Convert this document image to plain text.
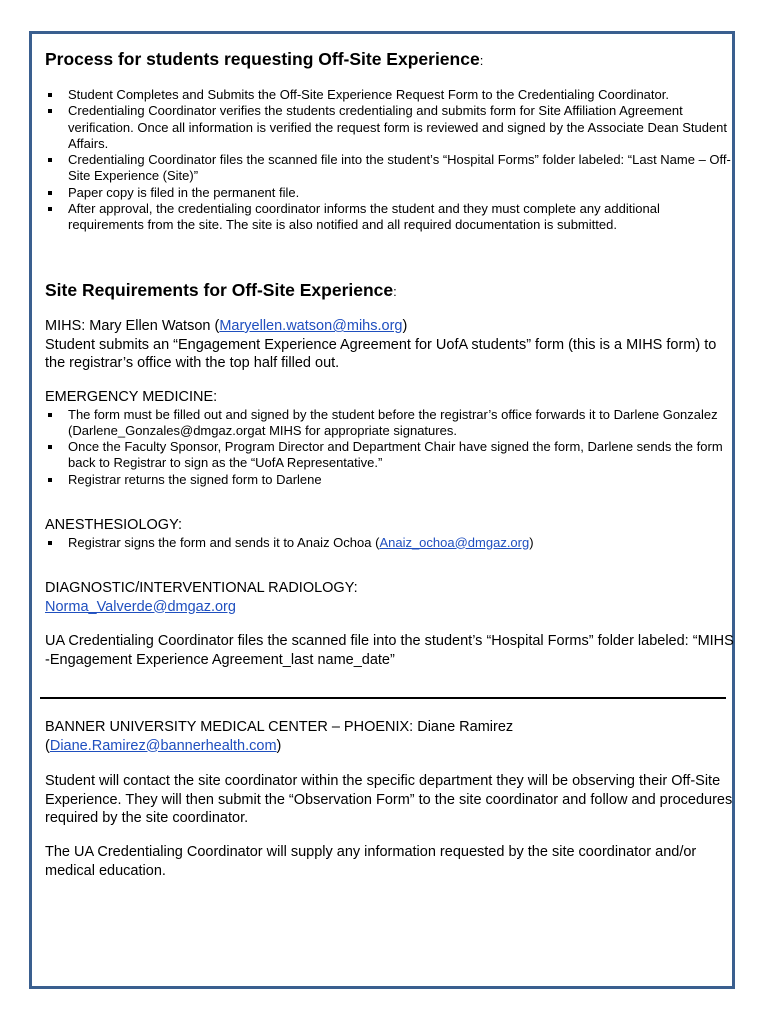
Process for students requesting Off-Site Experience:
Student Completes and Submits the Off-Site Experience Request Form to the Credentialing Coordinator.
Credentialing Coordinator verifies the students credentialing and submits form for Site Affiliation Agreement verification. Once all information is verified the request form is reviewed and signed by the Associate Dean Student Affairs.
Credentialing Coordinator files the scanned file into the student’s “Hospital Forms” folder labeled: “Last Name – Off-Site Experience (Site)”
Paper copy is filed in the permanent file.
After approval, the credentialing coordinator informs the student and they must complete any additional requirements from the site. The site is also notified and all required documentation is submitted.
Site Requirements for Off-Site Experience:

MIHS: Mary Ellen Watson (Maryellen.watson@mihs.org)

Student submits an “Engagement Experience Agreement for UofA students” form (this is a MIHS form) to the registrar’s office with the top half filled out.

EMERGENCY MEDICINE:

The form must be filled out and signed by the student before the registrar’s office forwards it to Darlene Gonzalez (Darlene_Gonzales@dmgaz.orgat MIHS for appropriate signatures.
Once the Faculty Sponsor, Program Director and Department Chair have signed the form, Darlene sends the form back to Registrar to sign as the “UofA Representative.”
Registrar returns the signed form to Darlene

ANESTHESIOLOGY:

Registrar signs the form and sends it to Anaiz Ochoa (Anaiz_ochoa@dmgaz.org)

DIAGNOSTIC/INTERVENTIONAL RADIOLOGY:

Norma_Valverde@dmgaz.org

UA Credentialing Coordinator files the scanned file into the student’s “Hospital Forms” folder labeled: “MIHS -Engagement Experience Agreement_last name_date”

BANNER UNIVERSITY MEDICAL CENTER – PHOENIX: Diane Ramirez

(Diane.Ramirez@bannerhealth.com)

Student will contact the site coordinator within the specific department they will be observing their Off-Site Experience. They will then submit the “Observation Form” to the site coordinator and follow and procedures required by the site coordinator.

The UA Credentialing Coordinator will supply any information requested by the site coordinator and/or medical education.
